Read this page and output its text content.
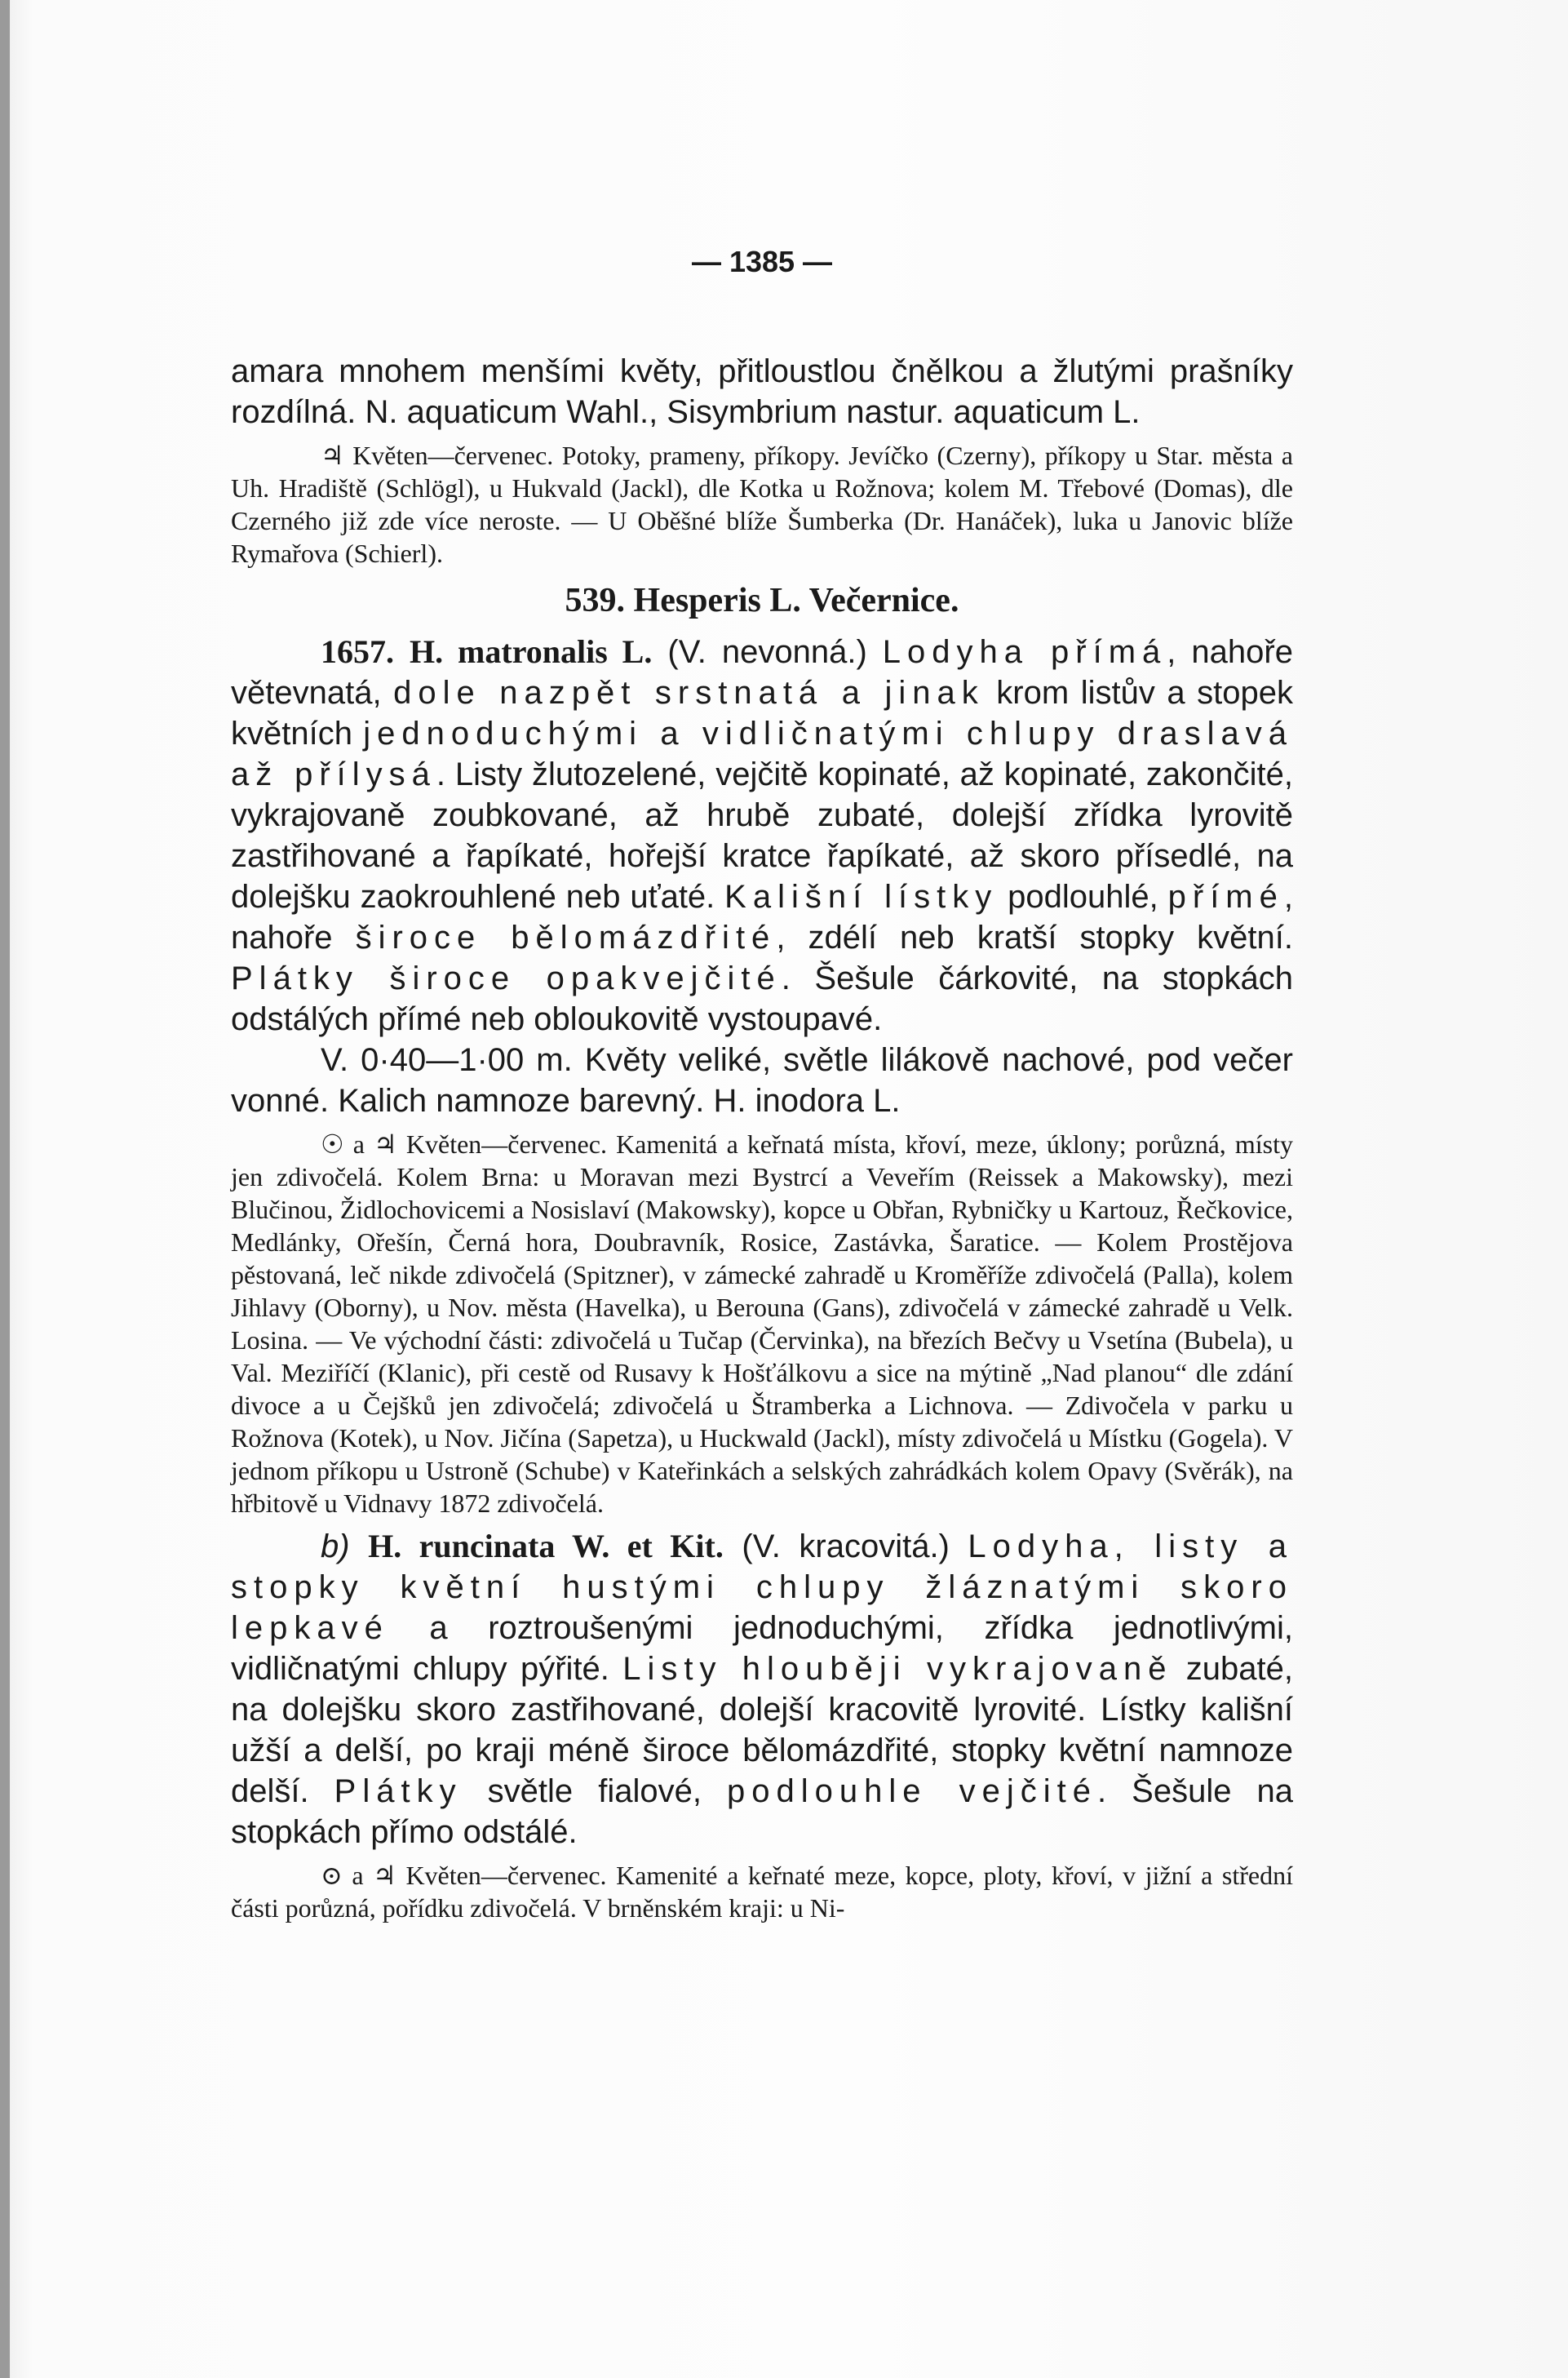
— 1385 —

amara mnohem menšími květy, přitloustlou čnělkou a žlutými prašníky rozdílná. N. aquaticum Wahl., Sisymbrium nastur. aquaticum L.

♃ Květen—červenec. Potoky, prameny, příkopy. Jevíčko (Czerny), příkopy u Star. města a Uh. Hradiště (Schlögl), u Hukvald (Jackl), dle Kotka u Rožnova; kolem M. Třebové (Domas), dle Czerného již zde více neroste. — U Oběšné blíže Šumberka (Dr. Hanáček), luka u Janovic blíže Rymařova (Schierl).

539. Hesperis L. Večernice.

1657. H. matronalis L. (V. nevonná.) Lodyha přímá, nahoře větevnatá, dole nazpět srstnatá a jinak krom listův a stopek květních jednoduchými a vidličnatými chlupy draslavá až přílysá. Listy žlutozelené, vejčitě kopinaté, až kopinaté, zakončité, vykrajovaně zoubkované, až hrubě zubaté, dolejší zřídka lyrovitě zastřihované a řapíkaté, hořejší kratce řapíkaté, až skoro přísedlé, na dolejšku zaokrouhlené neb uťaté. Kališní lístky podlouhlé, přímé, nahoře široce bělomázdřité, zdélí neb kratší stopky květní. Plátky široce opakvejčité. Šešule čárkovité, na stopkách odstálých přímé neb obloukovitě vystoupavé.

V. 0·40—1·00 m. Květy veliké, světle lilákově nachové, pod večer vonné. Kalich namnoze barevný. H. inodora L.

☉ a ♃ Květen—červenec. Kamenitá a keřnatá místa, křoví, meze, úklony; porůzná, místy jen zdivočelá. Kolem Brna: u Moravan mezi Bystrcí a Veveřím (Reissek a Makowsky), mezi Blučinou, Židlochovicemi a Nosislaví (Makowsky), kopce u Obřan, Rybničky u Kartouz, Řečkovice, Medlánky, Ořešín, Černá hora, Doubravník, Rosice, Zastávka, Šaratice. — Kolem Prostějova pěstovaná, leč nikde zdivočelá (Spitzner), v zámecké zahradě u Kroměříže zdivočelá (Palla), kolem Jihlavy (Oborny), u Nov. města (Havelka), u Berouna (Gans), zdivočelá v zámecké zahradě u Velk. Losina. — Ve východní části: zdivočelá u Tučap (Červinka), na březích Bečvy u Vsetína (Bubela), u Val. Meziříčí (Klanic), při cestě od Rusavy k Hošťálkovu a sice na mýtině „Nad planou“ dle zdání divoce a u Čejšků jen zdivočelá; zdivočelá u Štramberka a Lichnova. — Zdivočela v parku u Rožnova (Kotek), u Nov. Jičína (Sapetza), u Huckwald (Jackl), místy zdivočelá u Místku (Gogela). V jednom příkopu u Ustroně (Schube) v Kateřinkách a selských zahrádkách kolem Opavy (Svěrák), na hřbitově u Vidnavy 1872 zdivočelá.

b) H. runcinata W. et Kit. (V. kracovitá.) Lodyha, listy a stopky květní hustými chlupy žláznatými skoro lepkavé a roztroušenými jednoduchými, zřídka jednotlivými, vidličnatými chlupy pýřité. Listy hlouběji vykrajovaně zubaté, na dolejšku skoro zastřihované, dolejší kracovitě lyrovité. Lístky kališní užší a delší, po kraji méně široce bělomázdřité, stopky květní namnoze delší. Plátky světle fialové, podlouhle vejčité. Šešule na stopkách přímo odstálé.

⊙ a ♃ Květen—červenec. Kamenité a keřnaté meze, kopce, ploty, křoví, v jižní a střední části porůzná, pořídku zdivočelá. V brněnském kraji: u Ni-
